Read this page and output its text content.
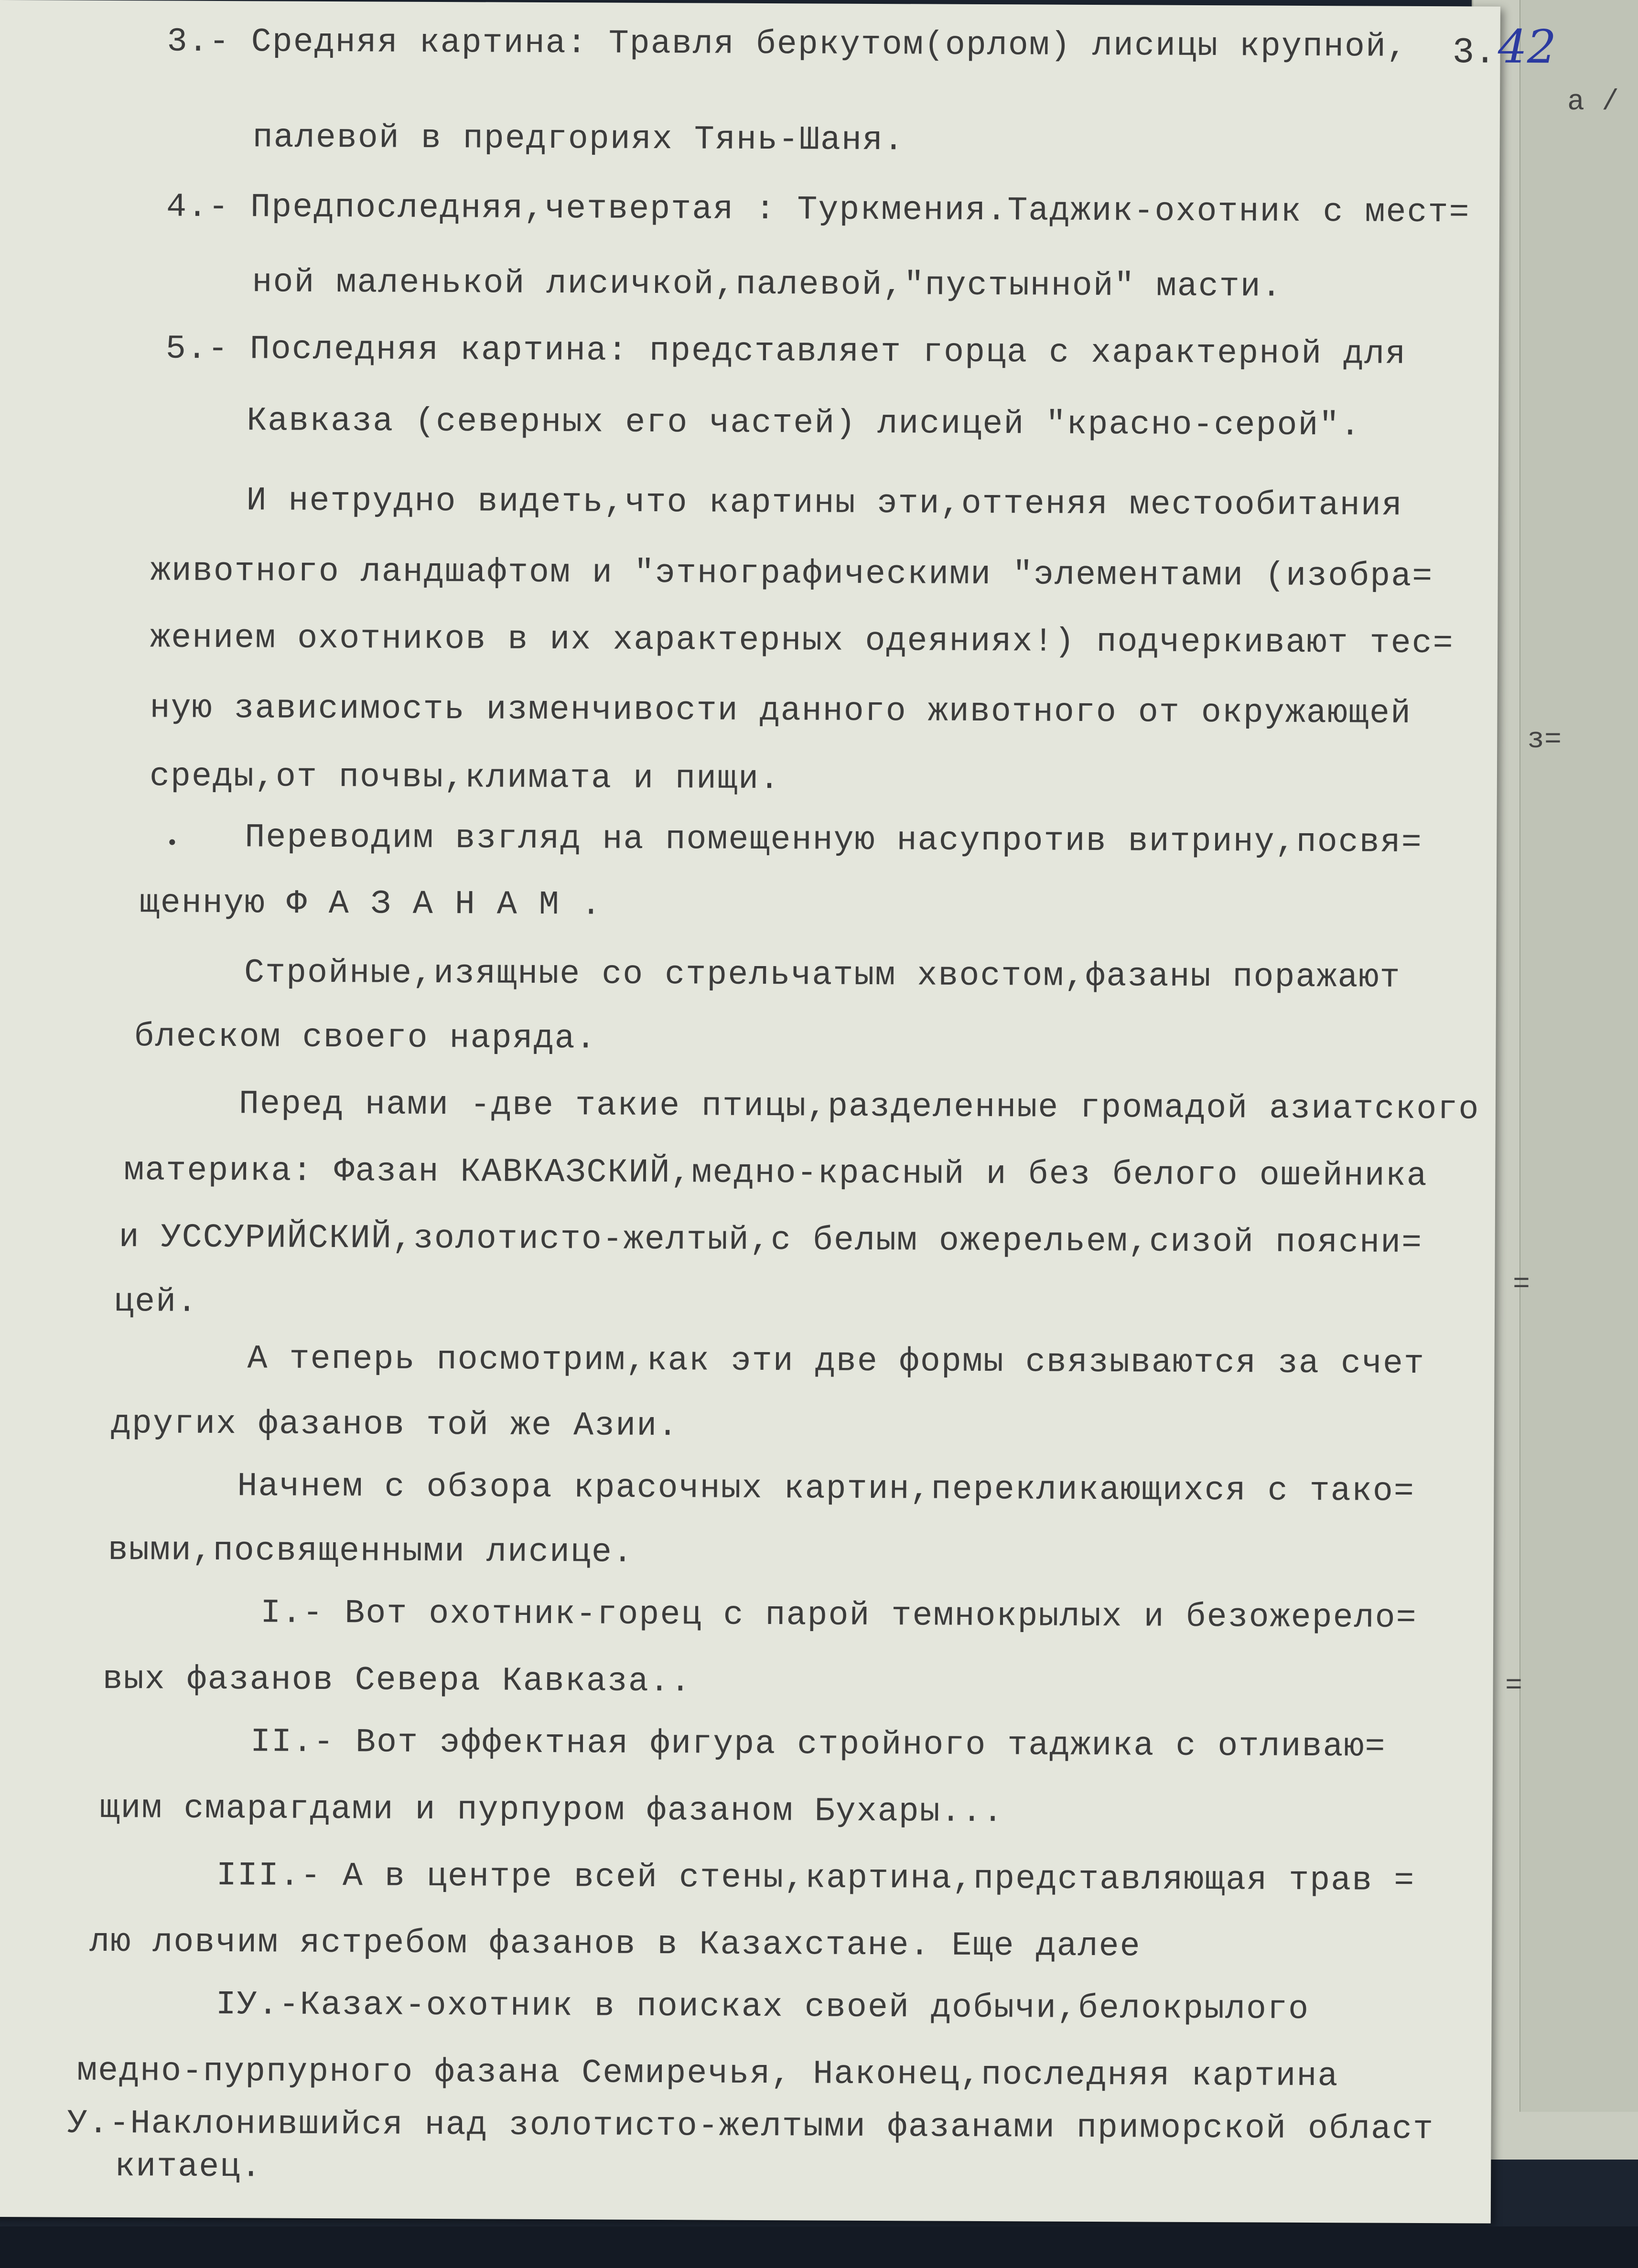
а /
з=
=
=
3.42
3.- Средняя картина: Травля беркутом(орлом) лисицы крупной,
палевой в предгориях Тянь-Шаня.
4.- Предпоследняя,четвертая : Туркмения.Таджик-охотник с мест=
ной маленькой лисичкой,палевой,"пустынной" масти.
5.- Последняя картина: представляет горца с характерной для
Кавказа (северных его частей) лисицей "красно-серой".
И нетрудно видеть,что картины эти,оттеняя местообитания
животного ландшафтом и "этнографическими "элементами (изобра=
жением охотников в их характерных одеяниях!) подчеркивают тес=
ную зависимость изменчивости данного животного от окружающей
среды,от почвы,климата и пищи.
Переводим взгляд на помещенную насупротив витрину,посвя=
щенную Ф А З А Н А М .
Стройные,изящные со стрельчатым хвостом,фазаны поражают
блеском своего наряда.
Перед нами -две такие птицы,разделенные громадой азиатского
материка: Фазан КАВКАЗСКИЙ,медно-красный и без белого ошейника
и УССУРИЙСКИЙ,золотисто-желтый,с белым ожерельем,сизой поясни=
цей.
А теперь посмотрим,как эти две формы связываются за счет
других фазанов той же Азии.
Начнем с обзора красочных картин,перекликающихся с тако=
выми,посвященными лисице.
I.- Вот охотник-горец с парой темнокрылых и безожерело=
вых фазанов Севера Кавказа..
II.- Вот эффектная фигура стройного таджика с отливаю=
щим смарагдами и пурпуром фазаном Бухары...
III.- А в центре всей стены,картина,представляющая трав =
лю ловчим ястребом фазанов в Казахстане. Еще далее
IУ.-Казах-охотник в поисках своей добычи,белокрылого
медно-пурпурного фазана Семиречья, Наконец,последняя картина
У.-Наклонившийся над золотисто-желтыми фазанами приморской област
китаец.
